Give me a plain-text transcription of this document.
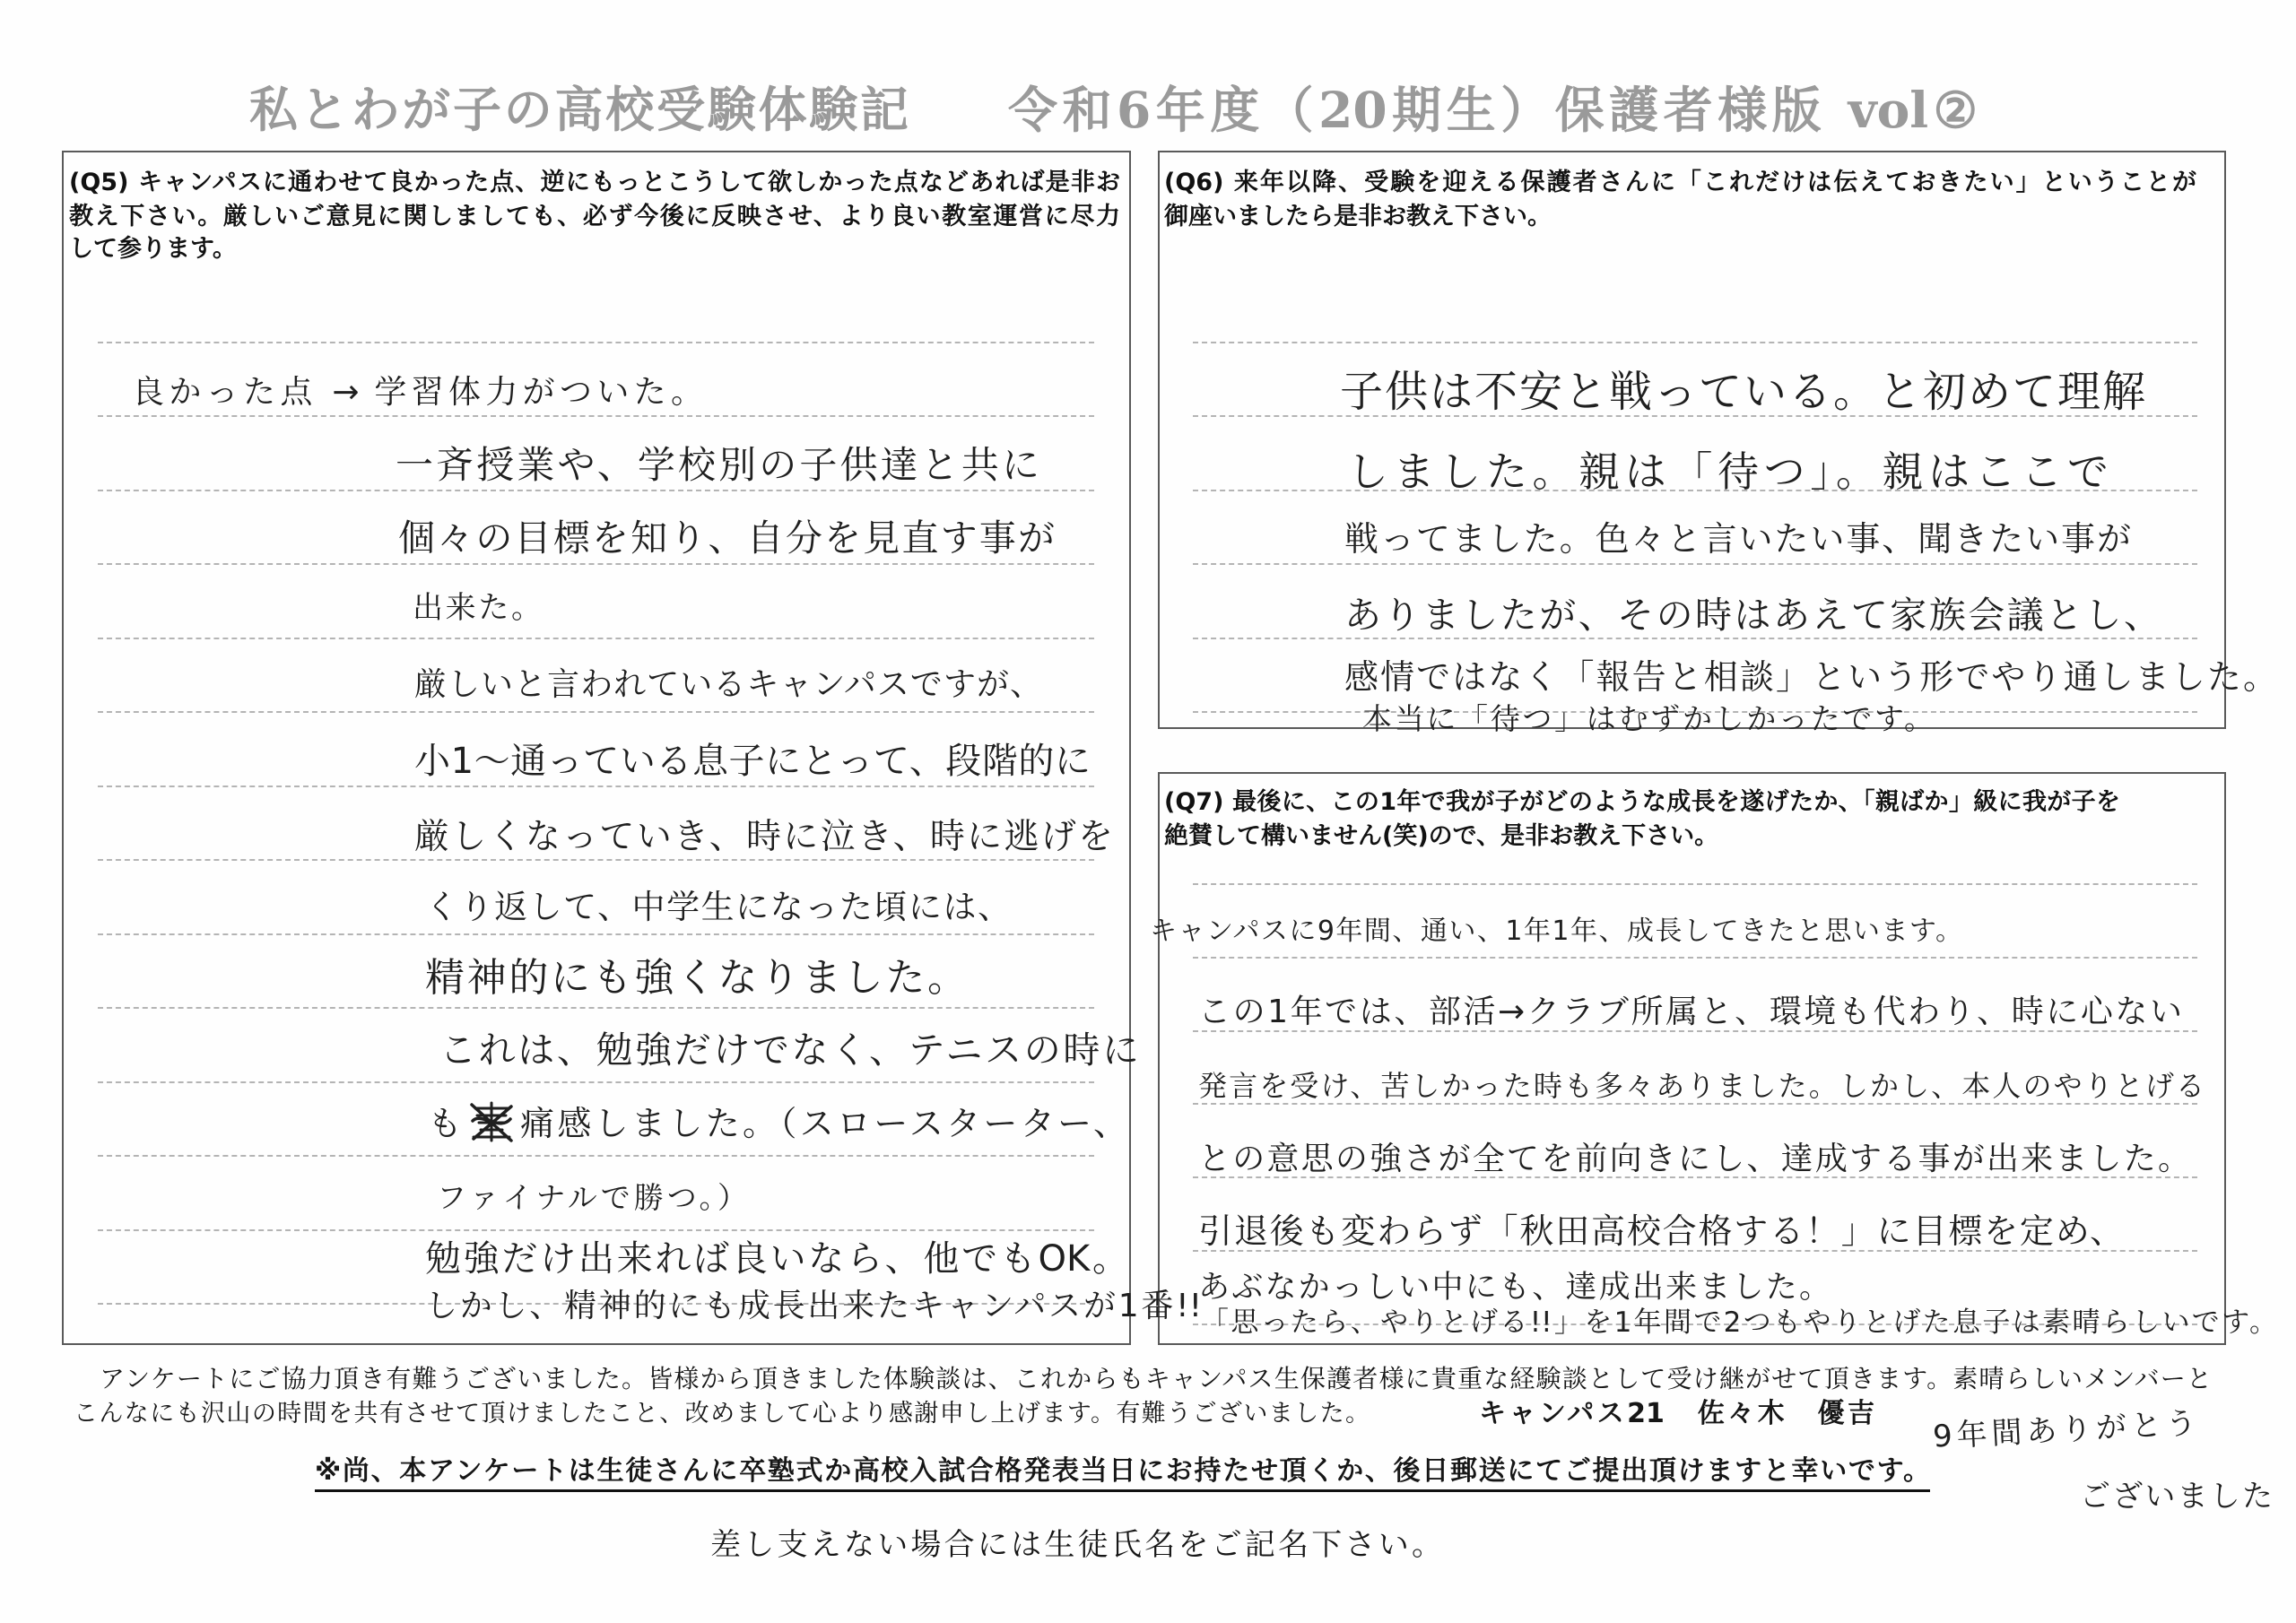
私とわが子の高校受験体験記 令和6年度（20期生）保護者様版 vol②
(Q5) キャンパスに通わせて良かった点、逆にもっとこうして欲しかった点などあれば是非お
教え下さい。厳しいご意見に関しましても、必ず今後に反映させ、より良い教室運営に尽力
して参ります。
(Q6) 来年以降、受験を迎える保護者さんに「これだけは伝えておきたい」ということが
御座いましたら是非お教え下さい。
(Q7) 最後に、この1年で我が子がどのような成長を遂げたか、「親ばか」級に我が子を
絶賛して構いません(笑)ので、是非お教え下さい。
良かった点 → 学習体力がついた。
一斉授業や、学校別の子供達と共に
個々の目標を知り、自分を見直す事が
出来た。
厳しいと言われているキャンパスですが、
小1〜通っている息子にとって、段階的に
厳しくなっていき、時に泣き、時に逃げを
くり返して、中学生になった頃には、
精神的にも強くなりました。
これは、勉強だけでなく、テニスの時に
も 痛感しました。（スロースターター、
ファイナルで勝つ。）
勉強だけ出来れば良いなら、他でもOK。
しかし、精神的にも成長出来たキャンパスが1番!!
子供は不安と戦っている。と初めて理解
しました。親は「待つ」。親はここで
戦ってました。色々と言いたい事、聞きたい事が
ありましたが、その時はあえて家族会議とし、
感情ではなく「報告と相談」という形でやり通しました。
本当に「待つ」はむずかしかったです。
キャンパスに9年間、通い、1年1年、成長してきたと思います。
この1年では、部活→クラブ所属と、環境も代わり、時に心ない
発言を受け、苦しかった時も多々ありました。しかし、本人のやりとげる
との意思の強さが全てを前向きにし、達成する事が出来ました。
引退後も変わらず「秋田高校合格する！」に目標を定め、
あぶなかっしい中にも、達成出来ました。
「思ったら、やりとげる!!」を1年間で2つもやりとげた息子は素晴らしいです。
アンケートにご協力頂き有難うございました。皆様から頂きました体験談は、これからもキャンパス生保護者様に貴重な経験談として受け継がせて頂きます。素晴らしいメンバーと
こんなにも沢山の時間を共有させて頂けましたこと、改めまして心より感謝申し上げます。有難うございました。	キャンパス21　佐々木　優吉
※尚、本アンケートは生徒さんに卒塾式か高校入試合格発表当日にお持たせ頂くか、後日郵送にてご提出頂けますと幸いです。
差し支えない場合には生徒氏名をご記名下さい。
9年間ありがとう
ございました
